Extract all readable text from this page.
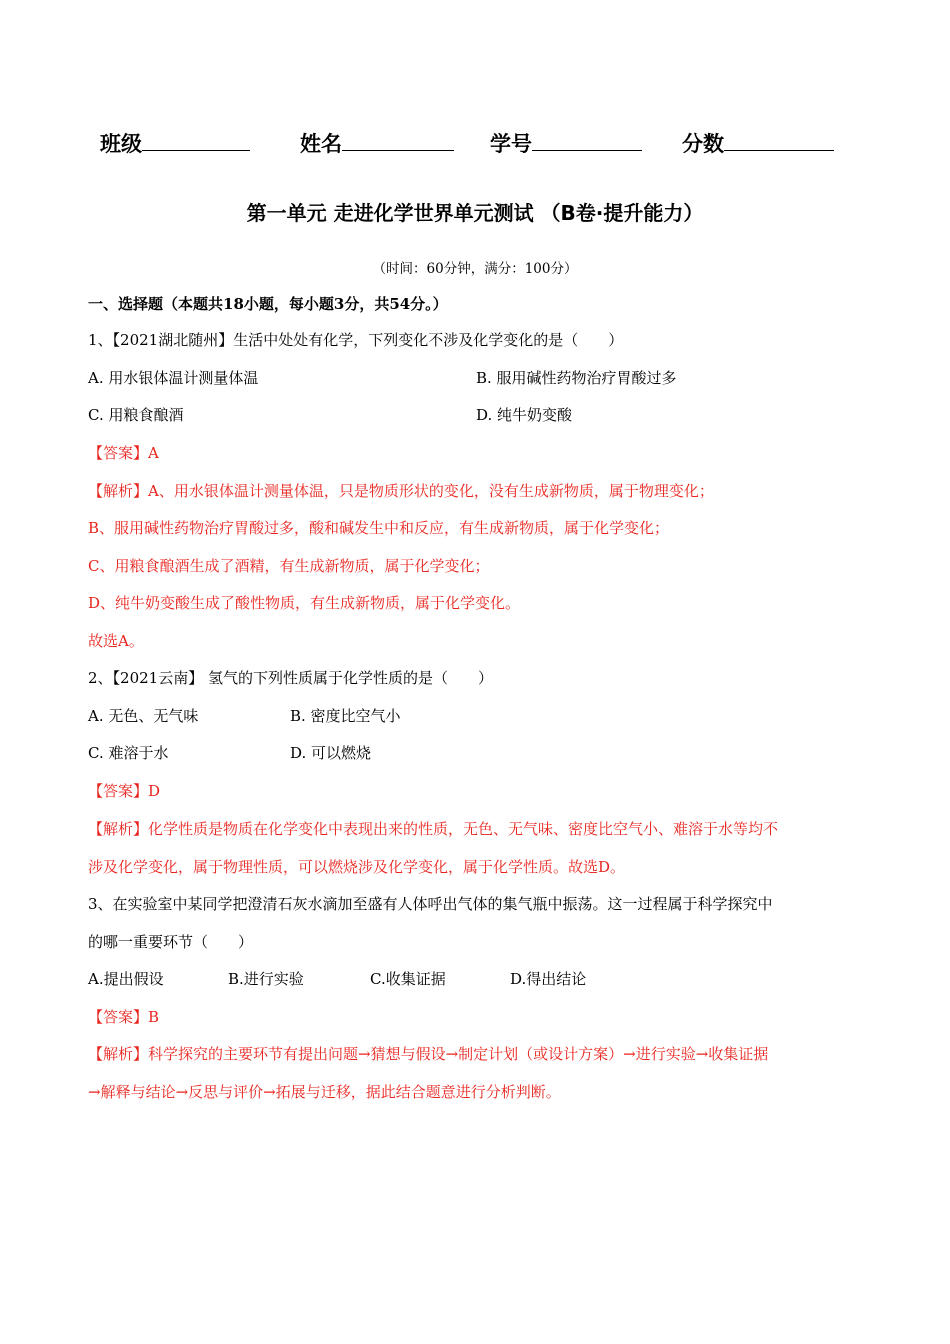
班级	姓名	学号	分数
第一单元 走进化学世界单元测试 （B卷·提升能力）
（时间：60分钟，满分：100分）
一、选择题（本题共18小题，每小题3分，共54分。）
1、【2021湖北随州】生活中处处有化学，下列变化不涉及化学变化的是（　　）
A. 用水银体温计测量体温	B. 服用碱性药物治疗胃酸过多
C. 用粮食酿酒	D. 纯牛奶变酸
【答案】A
【解析】A、用水银体温计测量体温，只是物质形状的变化，没有生成新物质，属于物理变化；
B、服用碱性药物治疗胃酸过多，酸和碱发生中和反应，有生成新物质，属于化学变化；
C、用粮食酿酒生成了酒精，有生成新物质，属于化学变化；
D、纯牛奶变酸生成了酸性物质，有生成新物质，属于化学变化。
故选A。
2、【2021云南】 氢气的下列性质属于化学性质的是（　　）
A. 无色、无气味	B. 密度比空气小
C. 难溶于水	D. 可以燃烧
【答案】D
【解析】化学性质是物质在化学变化中表现出来的性质，无色、无气味、密度比空气小、难溶于水等均不
涉及化学变化，属于物理性质，可以燃烧涉及化学变化，属于化学性质。故选D。
3、在实验室中某同学把澄清石灰水滴加至盛有人体呼出气体的集气瓶中振荡。这一过程属于科学探究中
的哪一重要环节（　　）
A.提出假设	B.进行实验	C.收集证据	D.得出结论
【答案】B
【解析】科学探究的主要环节有提出问题→猜想与假设→制定计划（或设计方案）→进行实验→收集证据
→解释与结论→反思与评价→拓展与迁移，据此结合题意进行分析判断。
